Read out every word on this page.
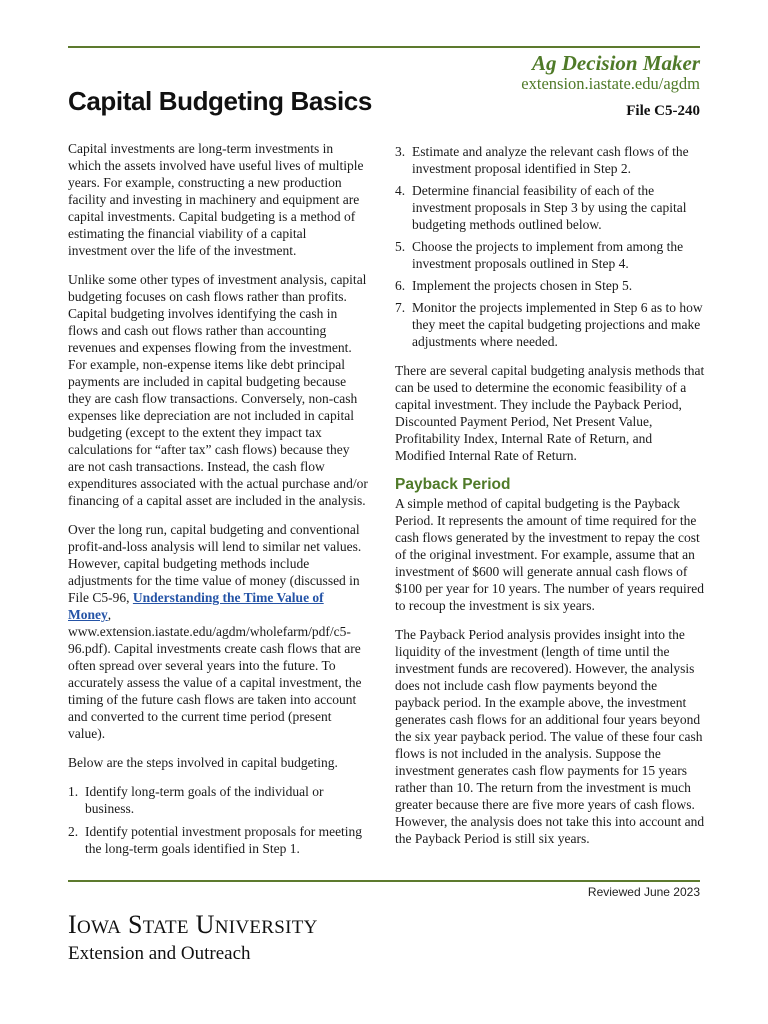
Ag Decision Maker
extension.iastate.edu/agdm
Capital Budgeting Basics	File C5-240

Capital investments are long-term investments in which the assets involved have useful lives of multiple years. For example, constructing a new production facility and investing in machinery and equipment are capital investments. Capital budgeting is a method of estimating the financial viability of a capital investment over the life of the investment.

Unlike some other types of investment analysis, capital budgeting focuses on cash flows rather than profits. Capital budgeting involves identifying the cash in flows and cash out flows rather than accounting revenues and expenses flowing from the investment. For example, non-expense items like debt principal payments are included in capital budgeting because they are cash flow transactions. Conversely, non-cash expenses like depreciation are not included in capital budgeting (except to the extent they impact tax calculations for “after tax” cash flows) because they are not cash transactions. Instead, the cash flow expenditures associated with the actual purchase and/or financing of a capital asset are included in the analysis.

Over the long run, capital budgeting and conventional profit-and-loss analysis will lend to similar net values. However, capital budgeting methods include adjustments for the time value of money (discussed in File C5-96, Understanding the Time Value of Money, www.extension.iastate.edu/agdm/wholefarm/pdf/c5-96.pdf). Capital investments create cash flows that are often spread over several years into the future. To accurately assess the value of a capital investment, the timing of the future cash flows are taken into account and converted to the current time period (present value).

Below are the steps involved in capital budgeting.

1. Identify long-term goals of the individual or business.
2. Identify potential investment proposals for meeting the long-term goals identified in Step 1.
3. Estimate and analyze the relevant cash flows of the investment proposal identified in Step 2.
4. Determine financial feasibility of each of the investment proposals in Step 3 by using the capital budgeting methods outlined below.
5. Choose the projects to implement from among the investment proposals outlined in Step 4.
6. Implement the projects chosen in Step 5.
7. Monitor the projects implemented in Step 6 as to how they meet the capital budgeting projections and make adjustments where needed.

There are several capital budgeting analysis methods that can be used to determine the economic feasibility of a capital investment. They include the Payback Period, Discounted Payment Period, Net Present Value, Profitability Index, Internal Rate of Return, and Modified Internal Rate of Return.

Payback Period

A simple method of capital budgeting is the Payback Period. It represents the amount of time required for the cash flows generated by the investment to repay the cost of the original investment. For example, assume that an investment of $600 will generate annual cash flows of $100 per year for 10 years. The number of years required to recoup the investment is six years.

The Payback Period analysis provides insight into the liquidity of the investment (length of time until the investment funds are recovered). However, the analysis does not include cash flow payments beyond the payback period. In the example above, the investment generates cash flows for an additional four years beyond the six year payback period. The value of these four cash flows is not included in the analysis. Suppose the investment generates cash flow payments for 15 years rather than 10. The return from the investment is much greater because there are five more years of cash flows. However, the analysis does not take this into account and the Payback Period is still six years.

Reviewed June 2023
IOWA STATE UNIVERSITY
Extension and Outreach
